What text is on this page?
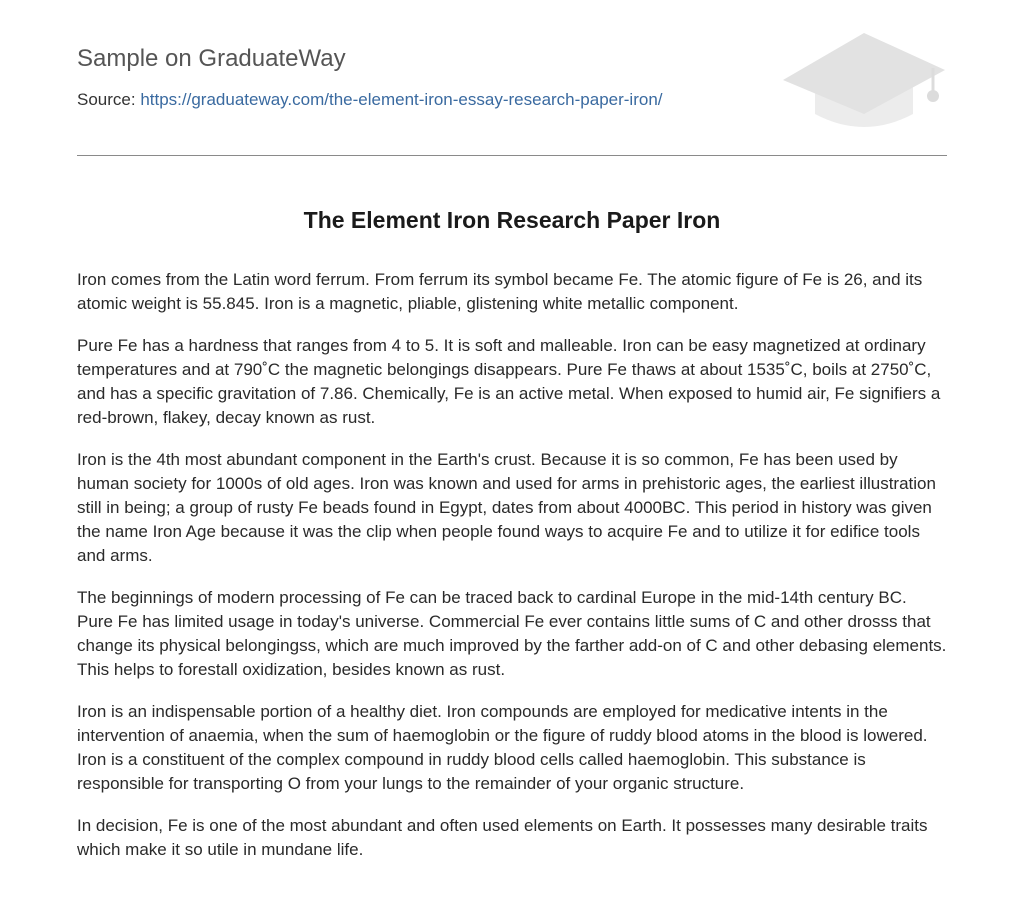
Sample on GraduateWay
Source: https://graduateway.com/the-element-iron-essay-research-paper-iron/
The Element Iron Research Paper Iron

Iron comes from the Latin word ferrum. From ferrum its symbol became Fe. The atomic figure of Fe is 26, and its atomic weight is 55.845. Iron is a magnetic, pliable, glistening white metallic component.

Pure Fe has a hardness that ranges from 4 to 5. It is soft and malleable. Iron can be easy magnetized at ordinary temperatures and at 790˚C the magnetic belongings disappears. Pure Fe thaws at about 1535˚C, boils at 2750˚C, and has a specific gravitation of 7.86. Chemically, Fe is an active metal. When exposed to humid air, Fe signifiers a red-brown, flakey, decay known as rust.

Iron is the 4th most abundant component in the Earth's crust. Because it is so common, Fe has been used by human society for 1000s of old ages. Iron was known and used for arms in prehistoric ages, the earliest illustration still in being; a group of rusty Fe beads found in Egypt, dates from about 4000BC. This period in history was given the name Iron Age because it was the clip when people found ways to acquire Fe and to utilize it for edifice tools and arms.

The beginnings of modern processing of Fe can be traced back to cardinal Europe in the mid-14th century BC. Pure Fe has limited usage in today's universe. Commercial Fe ever contains little sums of C and other drosss that change its physical belongingss, which are much improved by the farther add-on of C and other debasing elements. This helps to forestall oxidization, besides known as rust.

Iron is an indispensable portion of a healthy diet. Iron compounds are employed for medicative intents in the intervention of anaemia, when the sum of haemoglobin or the figure of ruddy blood atoms in the blood is lowered. Iron is a constituent of the complex compound in ruddy blood cells called haemoglobin. This substance is responsible for transporting O from your lungs to the remainder of your organic structure.

In decision, Fe is one of the most abundant and often used elements on Earth. It possesses many desirable traits which make it so utile in mundane life.
